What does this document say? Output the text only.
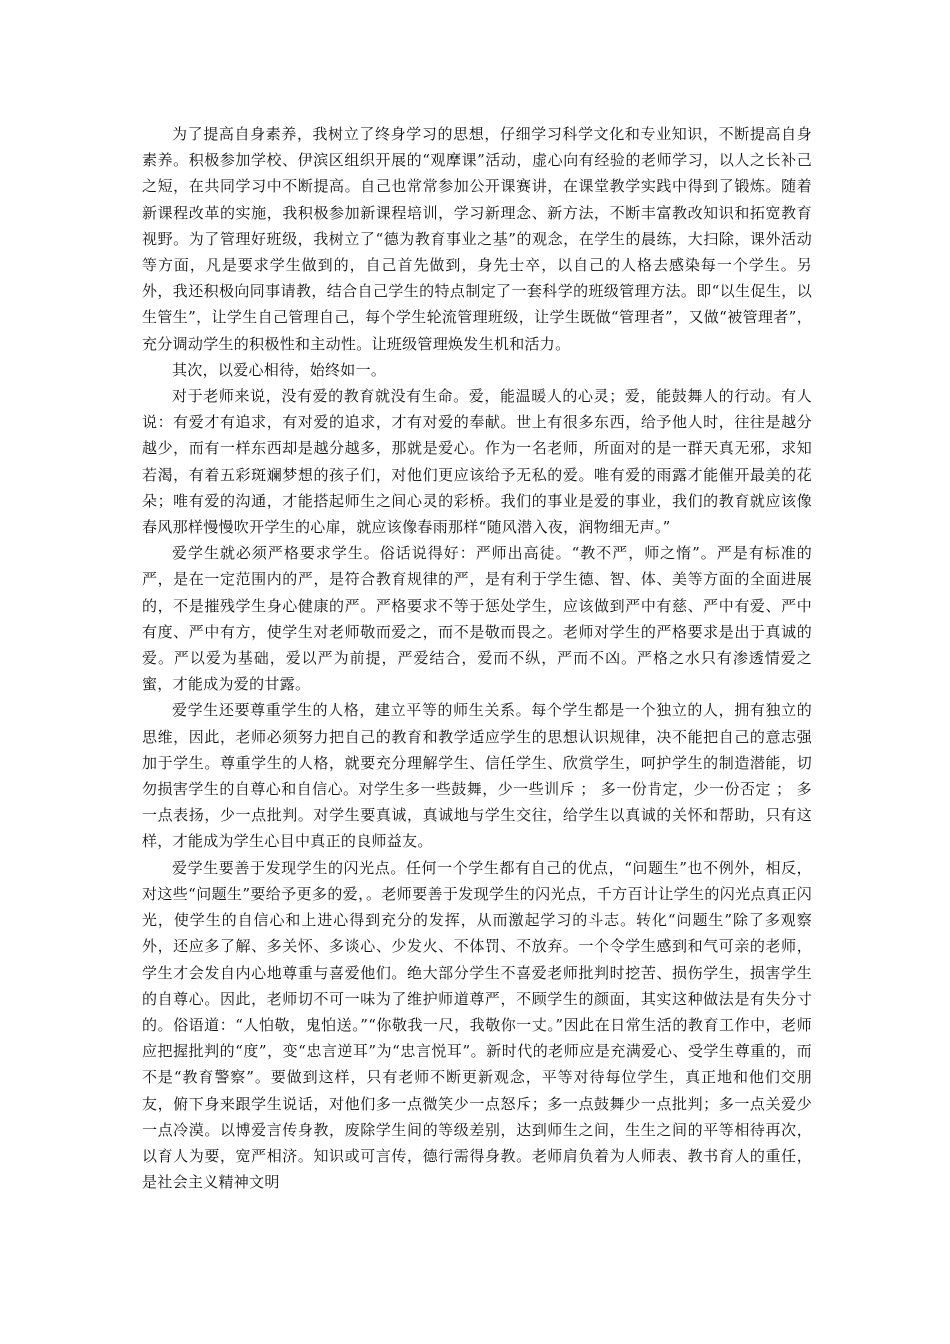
为了提高自身素养，我树立了终身学习的思想，仔细学习科学文化和专业知识，不断提高自身素养。积极参加学校、伊滨区组织开展的“观摩课”活动，虚心向有经验的老师学习，以人之长补己之短，在共同学习中不断提高。自己也常常参加公开课赛讲，在课堂教学实践中得到了锻炼。随着新课程改革的实施，我积极参加新课程培训，学习新理念、新方法，不断丰富教改知识和拓宽教育视野。为了管理好班级，我树立了“德为教育事业之基”的观念，在学生的晨练，大扫除，课外活动等方面，凡是要求学生做到的，自己首先做到，身先士卒，以自己的人格去感染每一个学生。另外，我还积极向同事请教，结合自己学生的特点制定了一套科学的班级管理方法。即“以生促生，以生管生”，让学生自己管理自己，每个学生轮流管理班级，让学生既做“管理者”，又做“被管理者”，充分调动学生的积极性和主动性。让班级管理焕发生机和活力。

其次，以爱心相待，始终如一。

对于老师来说，没有爱的教育就没有生命。爱，能温暖人的心灵；爱，能鼓舞人的行动。有人说：有爱才有追求，有对爱的追求，才有对爱的奉献。世上有很多东西，给予他人时，往往是越分越少，而有一样东西却是越分越多，那就是爱心。作为一名老师，所面对的是一群天真无邪，求知若渴，有着五彩斑斓梦想的孩子们，对他们更应该给予无私的爱。唯有爱的雨露才能催开最美的花朵；唯有爱的沟通，才能搭起师生之间心灵的彩桥。我们的事业是爱的事业，我们的教育就应该像春风那样慢慢吹开学生的心扉，就应该像春雨那样“随风潜入夜，润物细无声。”

爱学生就必须严格要求学生。俗话说得好：严师出高徒。“教不严，师之惰”。严是有标准的严，是在一定范围内的严，是符合教育规律的严，是有利于学生德、智、体、美等方面的全面进展的，不是摧残学生身心健康的严。严格要求不等于惩处学生，应该做到严中有慈、严中有爱、严中有度、严中有方，使学生对老师敬而爱之，而不是敬而畏之。老师对学生的严格要求是出于真诚的爱。严以爱为基础，爱以严为前提，严爱结合，爱而不纵，严而不凶。严格之水只有渗透情爱之蜜，才能成为爱的甘露。

爱学生还要尊重学生的人格，建立平等的师生关系。每个学生都是一个独立的人，拥有独立的思维，因此，老师必须努力把自己的教育和教学适应学生的思想认识规律，决不能把自己的意志强加于学生。尊重学生的人格，就要充分理解学生、信任学生、欣赏学生，呵护学生的制造潜能，切勿损害学生的自尊心和自信心。对学生多一些鼓舞，少一些训斥 ； 多一份肯定，少一份否定 ； 多一点表扬，少一点批判。对学生要真诚，真诚地与学生交往，给学生以真诚的关怀和帮助，只有这样，才能成为学生心目中真正的良师益友。

爱学生要善于发现学生的闪光点。任何一个学生都有自己的优点，“问题生”也不例外，相反，对这些“问题生”要给予更多的爱，。老师要善于发现学生的闪光点，千方百计让学生的闪光点真正闪光，使学生的自信心和上进心得到充分的发挥，从而激起学习的斗志。转化“问题生”除了多观察外，还应多了解、多关怀、多谈心、少发火、不体罚、不放弃。一个令学生感到和气可亲的老师，学生才会发自内心地尊重与喜爱他们。绝大部分学生不喜爱老师批判时挖苦、损伤学生，损害学生的自尊心。因此，老师切不可一味为了维护师道尊严，不顾学生的颜面，其实这种做法是有失分寸的。俗语道：“人怕敬，鬼怕送。”“你敬我一尺，我敬你一丈。”因此在日常生活的教育工作中，老师应把握批判的“度”，变“忠言逆耳”为“忠言悦耳”。新时代的老师应是充满爱心、受学生尊重的，而不是“教育警察”。要做到这样，只有老师不断更新观念，平等对待每位学生，真正地和他们交朋友，俯下身来跟学生说话，对他们多一点微笑少一点怒斥；多一点鼓舞少一点批判；多一点关爱少一点冷漠。以博爱言传身教，废除学生间的等级差别，达到师生之间，生生之间的平等相待再次，以育人为要，宽严相济。知识或可言传，德行需得身教。老师肩负着为人师表、教书育人的重任，是社会主义精神文明
